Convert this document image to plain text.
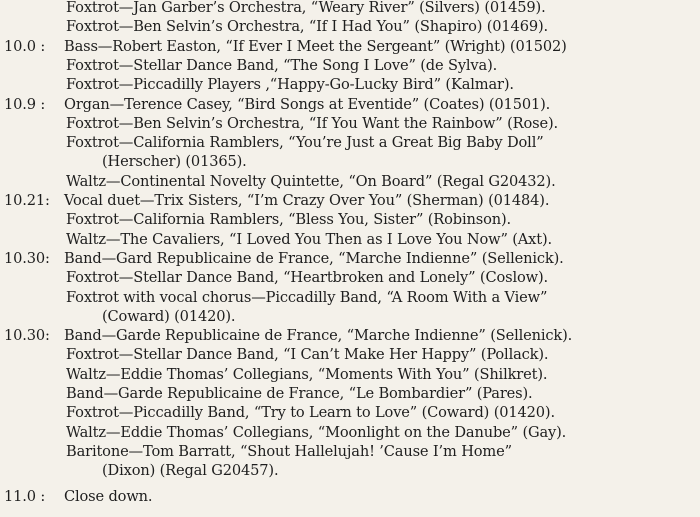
Foxtrot—Jan Garber’s Orchestra, “Weary River” (Silvers) (01459).
Foxtrot—Ben Selvin’s Orchestra, “If I Had You” (Shapiro) (01469).
10.0 : Bass—Robert Easton, “If Ever I Meet the Sergeant” (Wright) (01502)
Foxtrot—Stellar Dance Band, “The Song I Love” (de Sylva).
Foxtrot—Piccadilly Players ,“Happy-Go-Lucky Bird” (Kalmar).
10.9 : Organ—Terence Casey, “Bird Songs at Eventide” (Coates) (01501).
Foxtrot—Ben Selvin’s Orchestra, “If You Want the Rainbow” (Rose).
Foxtrot—California Ramblers, “You’re Just a Great Big Baby Doll”
(Herscher) (01365).
Waltz—Continental Novelty Quintette, “On Board” (Regal G20432).
10.21: Vocal duet—Trix Sisters, “I’m Crazy Over You” (Sherman) (01484).
Foxtrot—California Ramblers, “Bless You, Sister” (Robinson).
Waltz—The Cavaliers, “I Loved You Then as I Love You Now” (Axt).
10.30: Band—Gard Republicaine de France, “Marche Indienne” (Sellenick).
Foxtrot—Stellar Dance Band, “Heartbroken and Lonely” (Coslow).
Foxtrot with vocal chorus—Piccadilly Band, “A Room With a View”
(Coward) (01420).
10.30: Band—Garde Republicaine de France, “Marche Indienne” (Sellenick).
Foxtrot—Stellar Dance Band, “I Can’t Make Her Happy” (Pollack).
Waltz—Eddie Thomas’ Collegians, “Moments With You” (Shilkret).
Band—Garde Republicaine de France, “Le Bombardier” (Pares).
Foxtrot—Piccadilly Band, “Try to Learn to Love” (Coward) (01420).
Waltz—Eddie Thomas’ Collegians, “Moonlight on the Danube” (Gay).
Baritone—Tom Barratt, “Shout Hallelujah! ’Cause I’m Home”
(Dixon) (Regal G20457).
11.0 : Close down.
